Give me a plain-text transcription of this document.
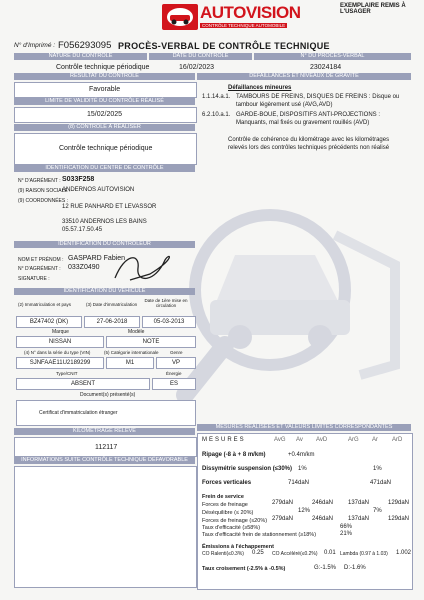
AUTOVISION
CONTRÔLE TECHNIQUE AUTOMOBILE
EXEMPLAIRE REMIS À L'USAGER
N° d'Imprimé : F056293095 PROCÈS-VERBAL DE CONTRÔLE TECHNIQUE
NATURE DU CONTRÔLE	DATE DU CONTRÔLE	N° DU PROCÈS-VERBAL
Contrôle technique périodique	16/02/2023	23024184
RÉSULTAT DU CONTRÔLE	DÉFAILLANCES ET NIVEAUX DE GRAVITÉ
Favorable
LIMITE DE VALIDITÉ DU CONTRÔLE RÉALISÉ
15/02/2025
(8) CONTRÔLE À RÉALISER
Contrôle technique périodique
Défaillances mineures
1.1.14.a.1. TAMBOURS DE FREINS, DISQUES DE FREINS : Disque ou tambour légèrement usé (AVG,AVD)
6.2.10.a.1. GARDE-BOUE, DISPOSITIFS ANTI-PROJECTIONS : Manquants, mal fixés ou gravement rouillés (AVD)
Contrôle de cohérence du kilométrage avec les kilométrages relevés lors des contrôles techniques précédents non réalisé
IDENTIFICATION DU CENTRE DE CONTRÔLE
N° D'AGRÉMENT : S033F258
(9) RAISON SOCIALE :
ANDERNOS AUTOVISION
(9) COORDONNÉES :
12 RUE PANHARD ET LEVASSOR
33510 ANDERNOS LES BAINS
05.57.17.50.45
IDENTIFICATION DU CONTRÔLEUR
NOM ET PRÉNOM : GASPARD Fabien
N° D'AGRÉMENT : 033Z0490
SIGNATURE :
IDENTIFICATION DU VÉHICULE
(2) Immatriculation et pays	(3) Date d'immatriculation
Date de 1ère mise en circulation
BZ47402 (DK)	27-06-2018	05-03-2013
Marque	Modèle
NISSAN	NOTE
(4) N° dans la série du type (VIN)	(5) Catégorie internationale	Genre
SJNFAAE11U2189299	M1	VP
Type/CNIT	Énergie
ABSENT	ES
Document(s) présenté(s)
Certificat d'immatriculation étranger
KILOMÉTRAGE RELEVÉ
112117
INFORMATIONS SUITE CONTRÔLE TECHNIQUE DÉFAVORABLE
MESURES RÉALISÉES ET VALEURS LIMITES CORRESPONDANTES
MESURES	AvG Av AvD	ArG Ar ArD
Ripage (-8 à + 8 m/km)	+0.4m/km
Dissymétrie suspension (≤30%) 1%	1%
Forces verticales	714daN	471daN
Frein de service
Forces de freinage	279daN	246daN 137daN	129daN
Déséquilibre (≤ 20%)	12%	7%
Forces de freinage (≤20%) 279daN	246daN 137daN	129daN
Taux d'efficacité (≥58%)	66%
Taux d'efficacité frein de stationnement (≥18%)	21%
Émissions à l'échappement
CO Ralenti(≤0.3%) 0.25 CO Accéléré(≤0.2%) 0.01 Lambda (0.97 à 1.03) 1.002
Taux croisement (-2.5% à -0.5%)	G:-1.5% D:-1.6%
